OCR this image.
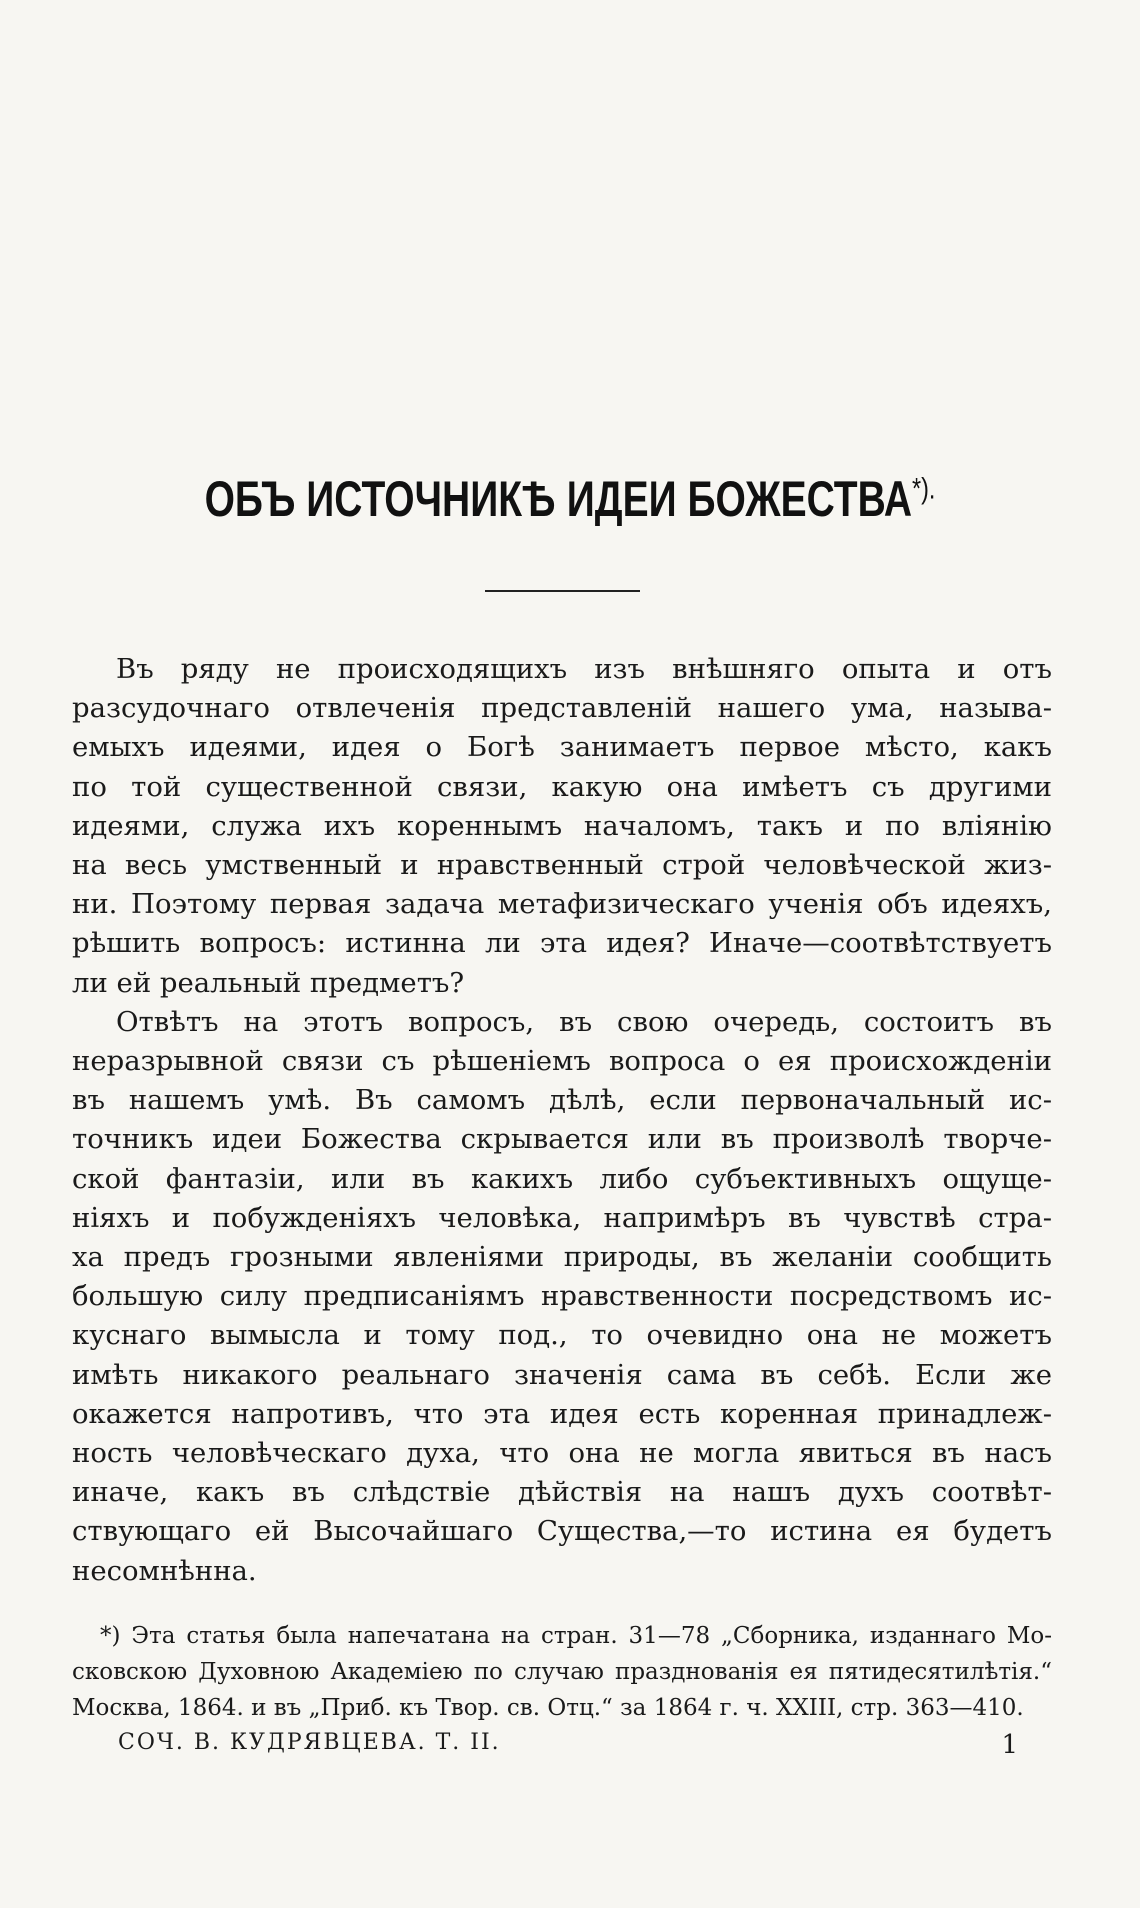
ОБЪ ИСТОЧНИКѢ ИДЕИ БОЖЕСТВА*).

Въ ряду не происходящихъ изъ внѣшняго опыта и отъ
разсудочнаго отвлеченія представленій нашего ума, называ-
емыхъ идеями, идея о Богѣ занимаетъ первое мѣсто, какъ
по той существенной связи, какую она имѣетъ съ другими
идеями, служа ихъ кореннымъ началомъ, такъ и по вліянію
на весь умственный и нравственный строй человѣческой жиз-
ни. Поэтому первая задача метафизическаго ученія объ идеяхъ,
рѣшить вопросъ: истинна ли эта идея? Иначе—соотвѣтствуетъ
ли ей реальный предметъ?

Отвѣтъ на этотъ вопросъ, въ свою очередь, состоитъ въ
неразрывной связи съ рѣшеніемъ вопроса о ея происхожденіи
въ нашемъ умѣ. Въ самомъ дѣлѣ, если первоначальный ис-
точникъ идеи Божества скрывается или въ произволѣ творче-
ской фантазіи, или въ какихъ либо субъективныхъ ощуще-
ніяхъ и побужденіяхъ человѣка, напримѣръ въ чувствѣ стра-
ха предъ грозными явленіями природы, въ желаніи сообщить
большую силу предписаніямъ нравственности посредствомъ ис-
куснаго вымысла и тому под., то очевидно она не можетъ
имѣть никакого реальнаго значенія сама въ себѣ. Если же
окажется напротивъ, что эта идея есть коренная принадлеж-
ность человѣческаго духа, что она не могла явиться въ насъ
иначе, какъ въ слѣдствіе дѣйствія на нашъ духъ соотвѣт-
ствующаго ей Высочайшаго Существа,—то истина ея будетъ
несомнѣнна.

*) Эта статья была напечатана на стран. 31—78 „Сборника, изданнаго Мо-
сковскою Духовною Академіею по случаю празднованія ея пятидесятилѣтія.“
Москва, 1864. и въ „Приб. къ Твор. св. Отц.“ за 1864 г. ч. XXIII, стр. 363—410.
СОЧ. В. КУДРЯВЦЕВА. Т. II.	1
